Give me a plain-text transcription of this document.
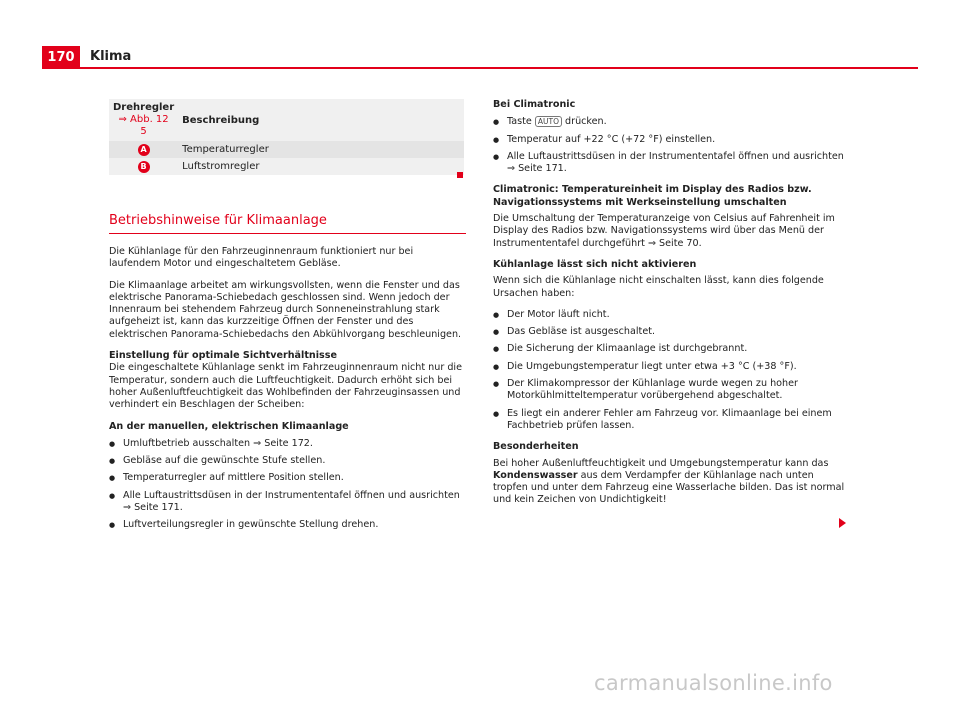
170	Klima
Drehregler
⇒ Abb. 12
5	Beschreibung
A	Temperaturregler
B	Luftstromregler
Betriebshinweise für Klimaanlage

Die Kühlanlage für den Fahrzeuginnenraum funktioniert nur bei laufendem Motor und eingeschaltetem Gebläse.

Die Klimaanlage arbeitet am wirkungsvollsten, wenn die Fenster und das elektrische Panorama-Schiebedach geschlossen sind. Wenn jedoch der Innenraum bei stehendem Fahrzeug durch Sonneneinstrahlung stark aufgeheizt ist, kann das kurzzeitige Öffnen der Fenster und des elektrischen Panorama-Schiebedachs den Abkühlvorgang beschleunigen.

Einstellung für optimale Sichtverhältnisse

Die eingeschaltete Kühlanlage senkt im Fahrzeuginnenraum nicht nur die Temperatur, sondern auch die Luftfeuchtigkeit. Dadurch erhöht sich bei hoher Außenluftfeuchtigkeit das Wohlbefinden der Fahrzeuginsassen und verhindert ein Beschlagen der Scheiben:

An der manuellen, elektrischen Klimaanlage

● Umluftbetrieb ausschalten ⇒ Seite 172.

● Gebläse auf die gewünschte Stufe stellen.

● Temperaturregler auf mittlere Position stellen.

● Alle Luftaustrittsdüsen in der Instrumententafel öffnen und ausrichten ⇒ Seite 171.

● Luftverteilungsregler in gewünschte Stellung drehen.

Bei Climatronic

● Taste AUTO drücken.

● Temperatur auf +22 °C (+72 °F) einstellen.

● Alle Luftaustrittsdüsen in der Instrumententafel öffnen und ausrichten ⇒ Seite 171.

Climatronic: Temperatureinheit im Display des Radios bzw. Navigationssystems mit Werkseinstellung umschalten

Die Umschaltung der Temperaturanzeige von Celsius auf Fahrenheit im Display des Radios bzw. Navigationssystems wird über das Menü der Instrumententafel durchgeführt ⇒ Seite 70.

Kühlanlage lässt sich nicht aktivieren

Wenn sich die Kühlanlage nicht einschalten lässt, kann dies folgende Ursachen haben:

● Der Motor läuft nicht.

● Das Gebläse ist ausgeschaltet.

● Die Sicherung der Klimaanlage ist durchgebrannt.

● Die Umgebungstemperatur liegt unter etwa +3 °C (+38 °F).

● Der Klimakompressor der Kühlanlage wurde wegen zu hoher Motorkühlmitteltemperatur vorübergehend abgeschaltet.

● Es liegt ein anderer Fehler am Fahrzeug vor. Klimaanlage bei einem Fachbetrieb prüfen lassen.

Besonderheiten

Bei hoher Außenluftfeuchtigkeit und Umgebungstemperatur kann das Kondenswasser aus dem Verdampfer der Kühlanlage nach unten tropfen und unter dem Fahrzeug eine Wasserlache bilden. Das ist normal und kein Zeichen von Undichtigkeit!

carmanualsonline.info
